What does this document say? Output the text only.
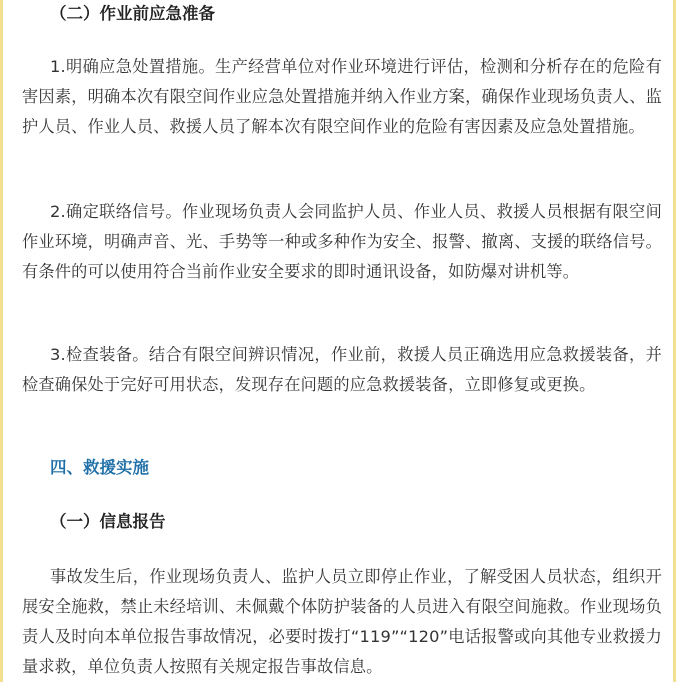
（二）作业前应急准备

1.明确应急处置措施。生产经营单位对作业环境进行评估，检测和分析存在的危险有害因素，明确本次有限空间作业应急处置措施并纳入作业方案，确保作业现场负责人、监护人员、作业人员、救援人员了解本次有限空间作业的危险有害因素及应急处置措施。

2.确定联络信号。作业现场负责人会同监护人员、作业人员、救援人员根据有限空间作业环境，明确声音、光、手势等一种或多种作为安全、报警、撤离、支援的联络信号。有条件的可以使用符合当前作业安全要求的即时通讯设备，如防爆对讲机等。

3.检查装备。结合有限空间辨识情况，作业前，救援人员正确选用应急救援装备，并检查确保处于完好可用状态，发现存在问题的应急救援装备，立即修复或更换。

四、救援实施
（一）信息报告

事故发生后，作业现场负责人、监护人员立即停止作业，了解受困人员状态，组织开展安全施救，禁止未经培训、未佩戴个体防护装备的人员进入有限空间施救。作业现场负责人及时向本单位报告事故情况，必要时拨打“119”“120”电话报警或向其他专业救援力量求救，单位负责人按照有关规定报告事故信息。
